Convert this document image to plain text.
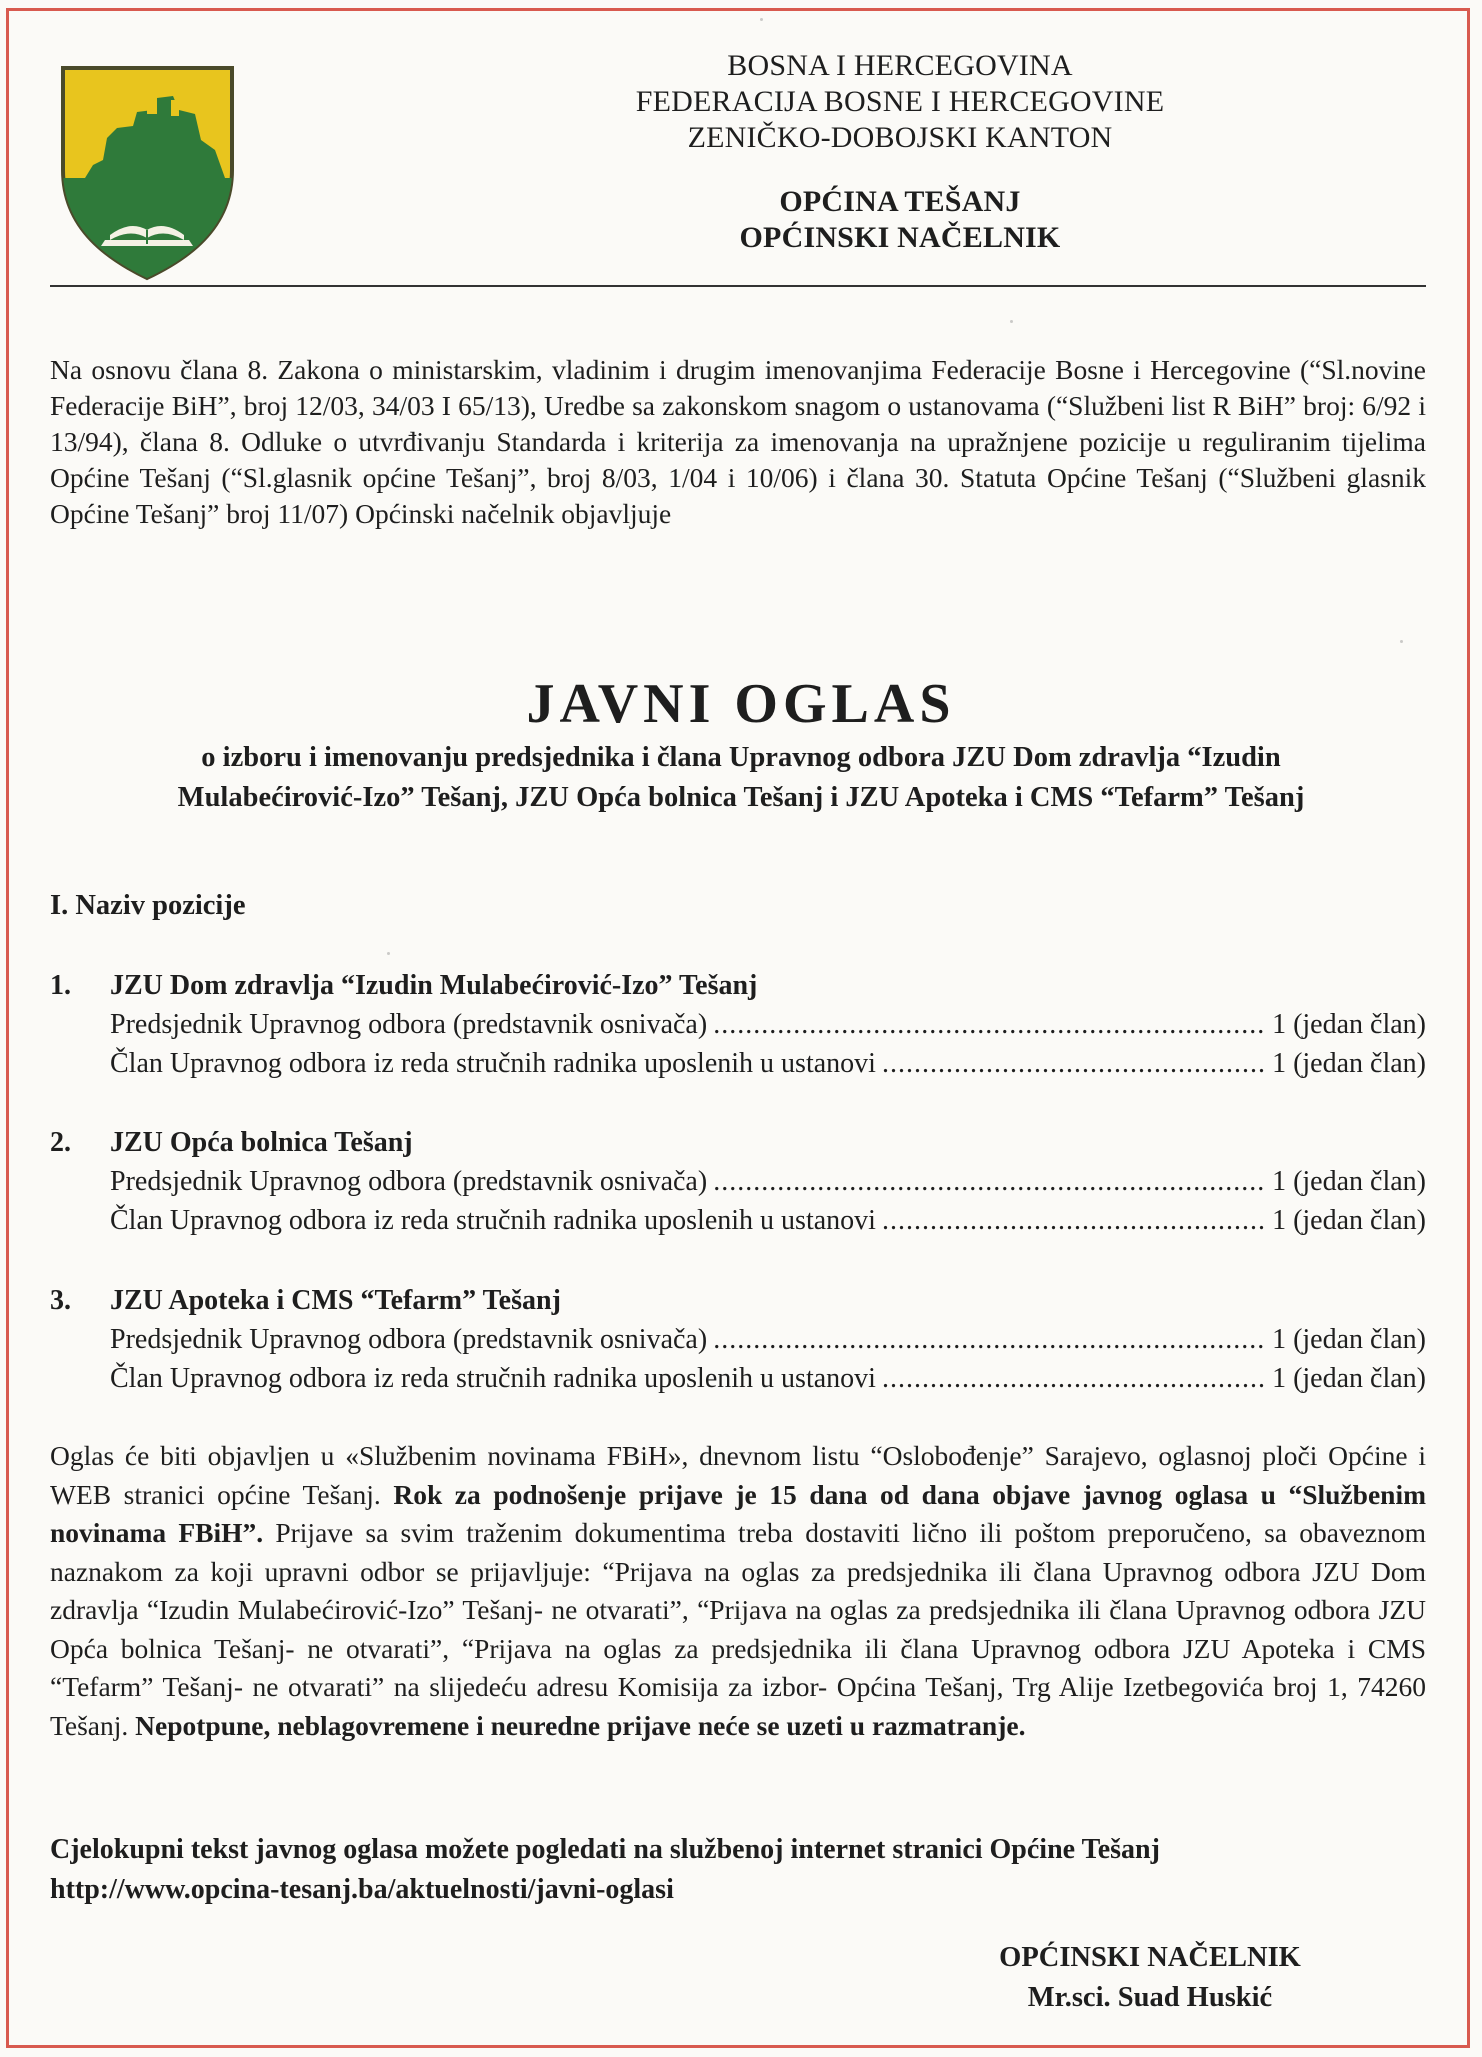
BOSNA I HERCEGOVINA
FEDERACIJA BOSNE I HERCEGOVINE
ZENIČKO-DOBOJSKI KANTON
OPĆINA TEŠANJ
OPĆINSKI NAČELNIK
Na osnovu člana 8. Zakona o ministarskim, vladinim i drugim imenovanjima Federacije Bosne i Hercegovine (“Sl.novine Federacije BiH”, broj 12/03, 34/03 I 65/13), Uredbe sa zakonskom snagom o ustanovama (“Službeni list R BiH” broj: 6/92 i 13/94), člana 8. Odluke o utvrđivanju Standarda i kriterija za imenovanja na upražnjene pozicije u reguliranim tijelima Općine Tešanj (“Sl.glasnik općine Tešanj”, broj 8/03, 1/04 i 10/06) i člana 30. Statuta Općine Tešanj (“Službeni glasnik Općine Tešanj” broj 11/07) Općinski načelnik objavljuje
JAVNI OGLAS
o izboru i imenovanju predsjednika i člana Upravnog odbora JZU Dom zdravlja “Izudin
Mulabećirović-Izo” Tešanj, JZU Opća bolnica Tešanj i JZU Apoteka i CMS “Tefarm” Tešanj
I. Naziv pozicije
1.	JZU Dom zdravlja “Izudin Mulabećirović-Izo” Tešanj
Predsjednik Upravnog odbora (predstavnik osnivača) .....	1 (jedan član)
Član Upravnog odbora iz reda stručnih radnika uposlenih u ustanovi .....	1 (jedan član)
2.	JZU Opća bolnica Tešanj
Predsjednik Upravnog odbora (predstavnik osnivača) .....	1 (jedan član)
Član Upravnog odbora iz reda stručnih radnika uposlenih u ustanovi .....	1 (jedan član)
3.	JZU Apoteka i CMS “Tefarm” Tešanj
Predsjednik Upravnog odbora (predstavnik osnivača) .....	1 (jedan član)
Član Upravnog odbora iz reda stručnih radnika uposlenih u ustanovi .....	1 (jedan član)
Oglas će biti objavljen u «Službenim novinama FBiH», dnevnom listu “Oslobođenje” Sarajevo, oglasnoj ploči Općine i WEB stranici općine Tešanj. Rok za podnošenje prijave je 15 dana od dana objave javnog oglasa u “Službenim novinama FBiH”. Prijave sa svim traženim dokumentima treba dostaviti lično ili poštom preporučeno, sa obaveznom naznakom za koji upravni odbor se prijavljuje: “Prijava na oglas za predsjednika ili člana Upravnog odbora JZU Dom zdravlja “Izudin Mulabećirović-Izo” Tešanj- ne otvarati”, “Prijava na oglas za predsjednika ili člana Upravnog odbora JZU Opća bolnica Tešanj- ne otvarati”, “Prijava na oglas za predsjednika ili člana Upravnog odbora JZU Apoteka i CMS “Tefarm” Tešanj- ne otvarati” na slijedeću adresu Komisija za izbor- Općina Tešanj, Trg Alije Izetbegovića broj 1, 74260 Tešanj. Nepotpune, neblagovremene i neuredne prijave neće se uzeti u razmatranje.
Cjelokupni tekst javnog oglasa možete pogledati na službenoj internet stranici Općine Tešanj
http://www.opcina-tesanj.ba/aktuelnosti/javni-oglasi
OPĆINSKI NAČELNIK
Mr.sci. Suad Huskić
